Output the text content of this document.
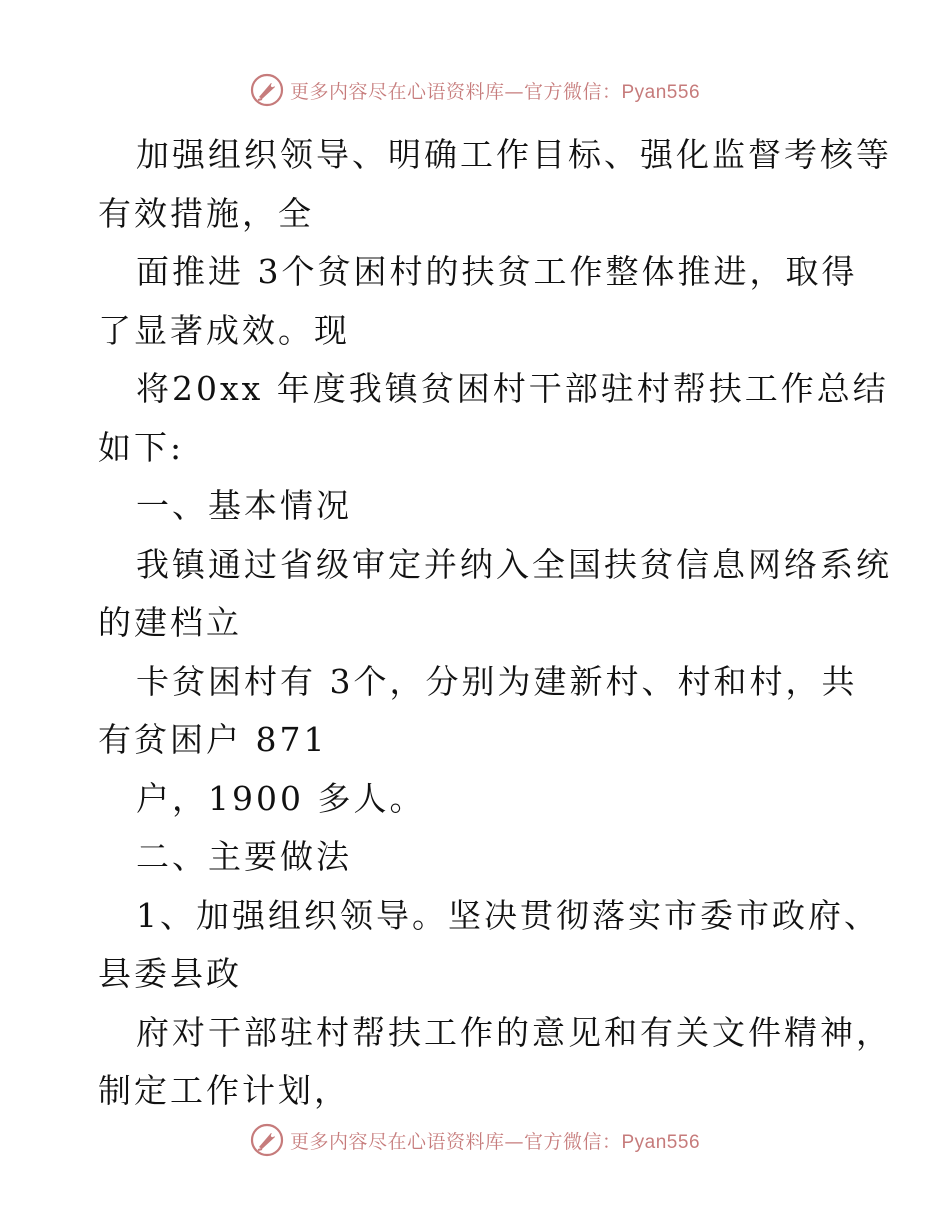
更多内容尽在心语资料库—官方微信：Pyan556
加强组织领导、明确工作目标、强化监督考核等
有效措施，全
面推进 3个贫困村的扶贫工作整体推进，取得
了显著成效。现
将20xx 年度我镇贫困村干部驻村帮扶工作总结
如下:
一、基本情况
我镇通过省级审定并纳入全国扶贫信息网络系统
的建档立
卡贫困村有 3个，分别为建新村、村和村，共
有贫困户 871
户，1900 多人。
二、主要做法
1、加强组织领导。坚决贯彻落实市委市政府、
县委县政
府对干部驻村帮扶工作的意见和有关文件精神，
制定工作计划，
更多内容尽在心语资料库—官方微信：Pyan556
